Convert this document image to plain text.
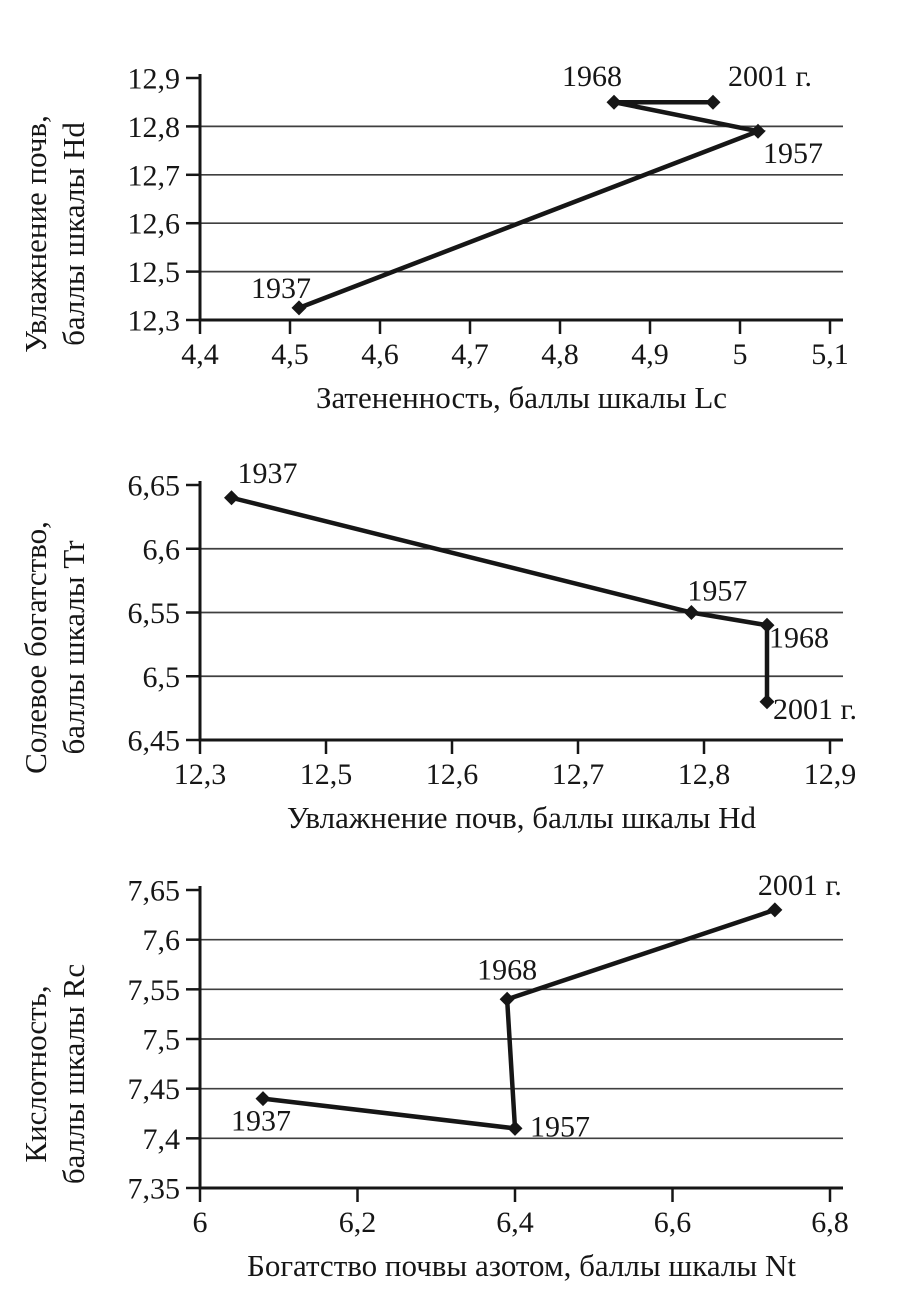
12,9
12,8
12,7
12,6
12,5
12,3
4,4 4,5 4,6 4,7 4,8 4,9 5 5,1
Затененность, баллы шкалы Lc
Увлажнение почв,баллы шкалы Hd	1937
1957
1968	2001 г.
6,65
6,6
6,55
6,5
6,45
12,3 12,5 12,6 12,7 12,8 12,9
Увлажнение почв, баллы шкалы Hd
Солевое богатство,баллы шкалы Tr
1937
1957
1968
2001 г.
7,65
7,6
7,55
7,5
7,45
7,4
7,35
6	6,2	6,4	6,6	6,8
Богатство почвы азотом, баллы шкалы Nt
Кислотность,баллы шкалы Rc	1937	1957
1968
2001 г.
